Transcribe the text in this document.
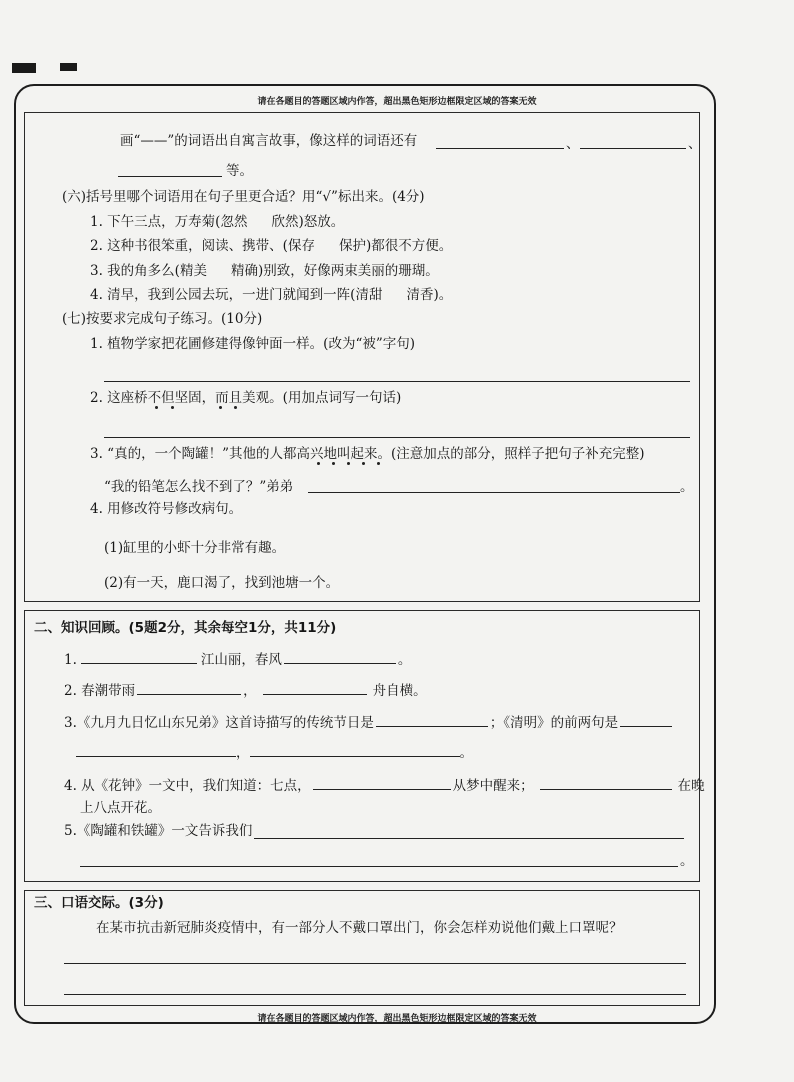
请在各题目的答题区域内作答，超出黑色矩形边框限定区域的答案无效
请在各题目的答题区域内作答，超出黑色矩形边框限定区域的答案无效
画“——”的词语出自寓言故事，像这样的词语还有	、	、
等。
(六)括号里哪个词语用在句子里更合适？用“√”标出来。(4分)
1. 下午三点，万寿菊(忽然 欣然)怒放。
2. 这种书很笨重，阅读、携带、(保存 保护)都很不方便。
3. 我的角多么(精美 精确)别致，好像两束美丽的珊瑚。
4. 清早，我到公园去玩，一进门就闻到一阵(清甜 清香)。
(七)按要求完成句子练习。(10分)
1. 植物学家把花圃修建得像钟面一样。(改为“被”字句)
2. 这座桥不但坚固，而且美观。(用加点词写一句话)
3. “真的，一个陶罐！”其他的人都高兴地叫起来。(注意加点的部分，照样子把句子补充完整)
“我的铅笔怎么找不到了？”弟弟	。
4. 用修改符号修改病句。
(1)缸里的小虾十分非常有趣。
(2)有一天，鹿口渴了，找到池塘一个。
二、知识回顾。(5题2分，其余每空1分，共11分)
1.	江山丽，春风	。
2. 春潮带雨	，	舟自横。
3.《九月九日忆山东兄弟》这首诗描写的传统节日是	；《清明》的前两句是
，	。
4. 从《花钟》一文中，我们知道：七点，	从梦中醒来；	在晚
上八点开花。
5.《陶罐和铁罐》一文告诉我们
。
三、口语交际。(3分)
在某市抗击新冠肺炎疫情中，有一部分人不戴口罩出门，你会怎样劝说他们戴上口罩呢？
